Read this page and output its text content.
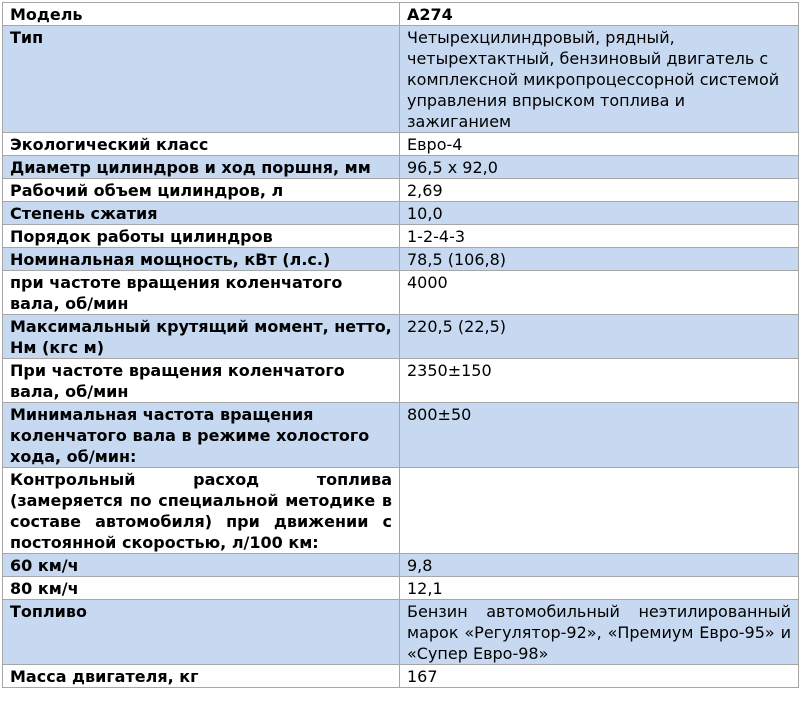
Модель	А274
Тип	Четырехцилиндровый, рядный, четырехтактный, бензиновый двигатель с комплексной микропроцессорной системой управления впрыском топлива и зажиганием
Экологический класс	Евро-4
Диаметр цилиндров и ход поршня, мм	96,5 х 92,0
Рабочий объем цилиндров, л	2,69
Степень сжатия	10,0
Порядок работы цилиндров	1-2-4-3
Номинальная мощность, кВт (л.с.)	78,5 (106,8)
при частоте вращения коленчатого вала, об/мин	4000
Максимальный крутящий момент, нетто, Нм (кгс м)	220,5 (22,5)
При частоте вращения коленчатого вала, об/мин	2350±150
Минимальная частота вращения коленчатого вала в режиме холостого хода, об/мин:	800±50
Контрольный расход топлива (замеряется по специальной методике в составе автомобиля) при движении с постоянной скоростью, л/100 км:	
60 км/ч	9,8
80 км/ч	12,1
Топливо	Бензин автомобильный неэтилированный марок «Регулятор-92», «Премиум Евро-95» и «Супер Евро-98»
Масса двигателя, кг	167
